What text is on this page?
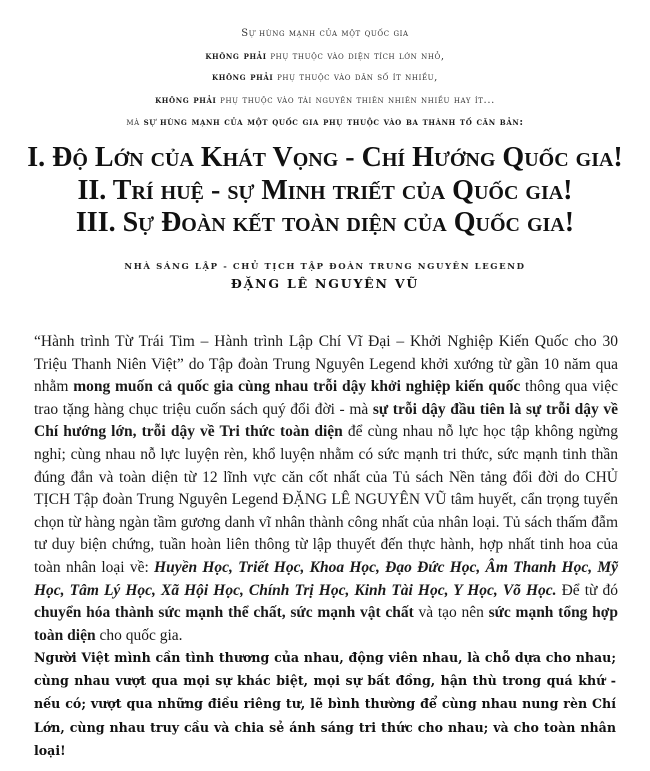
Sự hùng mạnh của một quốc gia
không phải phụ thuộc vào diện tích lớn nhỏ,
không phải phụ thuộc vào dân số ít nhiều,
không phải phụ thuộc vào tài nguyên thiên nhiên nhiều hay ít...
mà sự hùng mạnh của một quốc gia phụ thuộc vào ba thành tố căn bản:
I. Độ Lớn của Khát Vọng - Chí Hướng Quốc gia!
II. Trí huệ - sự Minh triết của Quốc gia!
III. Sự Đoàn kết toàn diện của Quốc gia!
NHÀ SÁNG LẬP - CHỦ TỊCH TẬP ĐOÀN TRUNG NGUYÊN LEGEND
ĐẶNG LÊ NGUYÊN VŨ
“Hành trình Từ Trái Tim – Hành trình Lập Chí Vĩ Đại – Khởi Nghiệp Kiến Quốc cho 30 Triệu Thanh Niên Việt” do Tập đoàn Trung Nguyên Legend khởi xướng từ gần 10 năm qua nhằm mong muốn cả quốc gia cùng nhau trỗi dậy khởi nghiệp kiến quốc thông qua việc trao tặng hàng chục triệu cuốn sách quý đổi đời - mà sự trỗi dậy đầu tiên là sự trỗi dậy về Chí hướng lớn, trỗi dậy về Tri thức toàn diện để cùng nhau nỗ lực học tập không ngừng nghỉ; cùng nhau nỗ lực luyện rèn, khổ luyện nhằm có sức mạnh tri thức, sức mạnh tinh thần đúng đắn và toàn diện từ 12 lĩnh vực căn cốt nhất của Tủ sách Nền tảng đổi đời do CHỦ TỊCH Tập đoàn Trung Nguyên Legend ĐẶNG LÊ NGUYÊN VŨ tâm huyết, cẩn trọng tuyển chọn từ hàng ngàn tầm gương danh vĩ nhân thành công nhất của nhân loại. Tủ sách thấm đẫm tư duy biện chứng, tuần hoàn liên thông từ lập thuyết đến thực hành, hợp nhất tinh hoa của toàn nhân loại về: Huyền Học, Triết Học, Khoa Học, Đạo Đức Học, Âm Thanh Học, Mỹ Học, Tâm Lý Học, Xã Hội Học, Chính Trị Học, Kinh Tài Học, Y Học, Võ Học. Để từ đó chuyển hóa thành sức mạnh thể chất, sức mạnh vật chất và tạo nên sức mạnh tổng hợp toàn diện cho quốc gia.
Người Việt mình cần tình thương của nhau, động viên nhau, là chỗ dựa cho nhau; cùng nhau vượt qua mọi sự khác biệt, mọi sự bất đồng, hận thù trong quá khứ - nếu có; vượt qua những điều riêng tư, lẽ bình thường để cùng nhau nung rèn Chí Lớn, cùng nhau truy cầu và chia sẻ ánh sáng tri thức cho nhau; và cho toàn nhân loại!
